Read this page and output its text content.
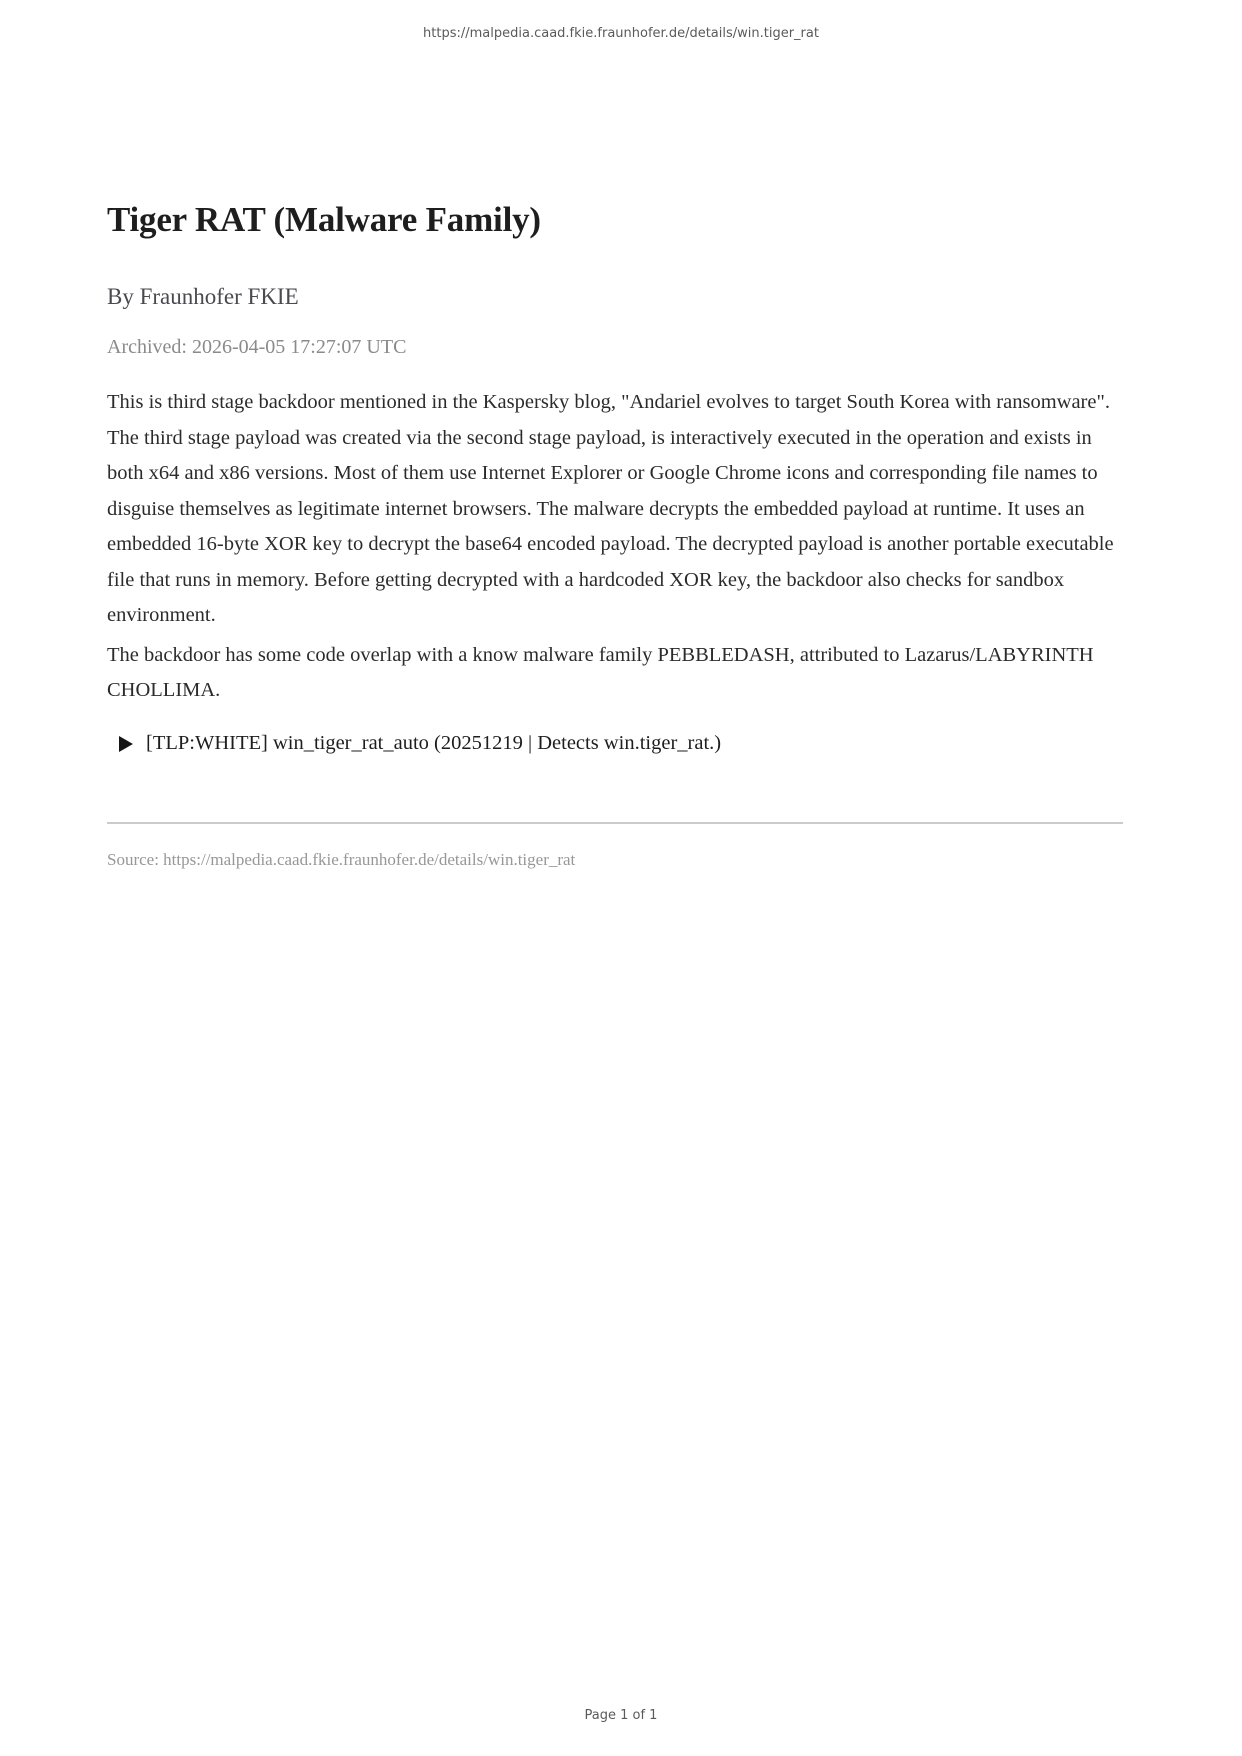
https://malpedia.caad.fkie.fraunhofer.de/details/win.tiger_rat
Tiger RAT (Malware Family)
By Fraunhofer FKIE
Archived: 2026-04-05 17:27:07 UTC

This is third stage backdoor mentioned in the Kaspersky blog, "Andariel evolves to target South Korea with ransomware". The third stage payload was created via the second stage payload, is interactively executed in the operation and exists in both x64 and x86 versions. Most of them use Internet Explorer or Google Chrome icons and corresponding file names to disguise themselves as legitimate internet browsers. The malware decrypts the embedded payload at runtime. It uses an embedded 16-byte XOR key to decrypt the base64 encoded payload. The decrypted payload is another portable executable file that runs in memory. Before getting decrypted with a hardcoded XOR key, the backdoor also checks for sandbox environment.

The backdoor has some code overlap with a know malware family PEBBLEDASH, attributed to Lazarus/LABYRINTH CHOLLIMA.

[TLP:WHITE] win_tiger_rat_auto (20251219 | Detects win.tiger_rat.)
Source: https://malpedia.caad.fkie.fraunhofer.de/details/win.tiger_rat
Page 1 of 1
